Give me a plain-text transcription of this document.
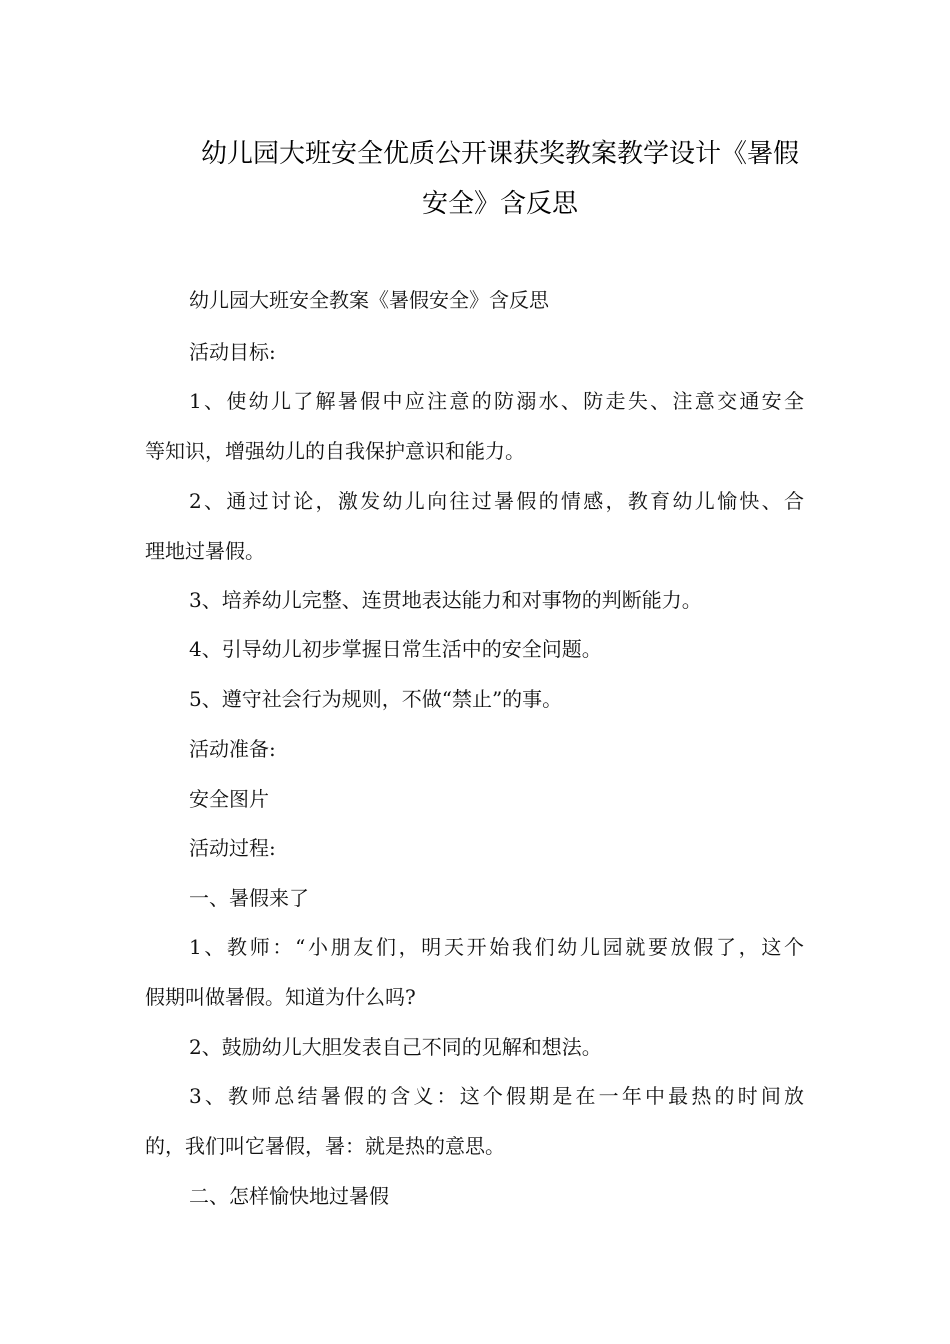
幼儿园大班安全优质公开课获奖教案教学设计《暑假
安全》含反思
幼儿园大班安全教案《暑假安全》含反思
活动目标:
1、使幼儿了解暑假中应注意的防溺水、防走失、注意交通安全
等知识，增强幼儿的自我保护意识和能力。
2、通过讨论，激发幼儿向往过暑假的情感，教育幼儿愉快、合
理地过暑假。
3、培养幼儿完整、连贯地表达能力和对事物的判断能力。
4、引导幼儿初步掌握日常生活中的安全问题。
5、遵守社会行为规则，不做“禁止”的事。
活动准备:
安全图片
活动过程:
一、暑假来了
1、教师：“小朋友们，明天开始我们幼儿园就要放假了，这个
假期叫做暑假。知道为什么吗?
2、鼓励幼儿大胆发表自己不同的见解和想法。
3、教师总结暑假的含义：这个假期是在一年中最热的时间放
的，我们叫它暑假，暑：就是热的意思。
二、怎样愉快地过暑假
